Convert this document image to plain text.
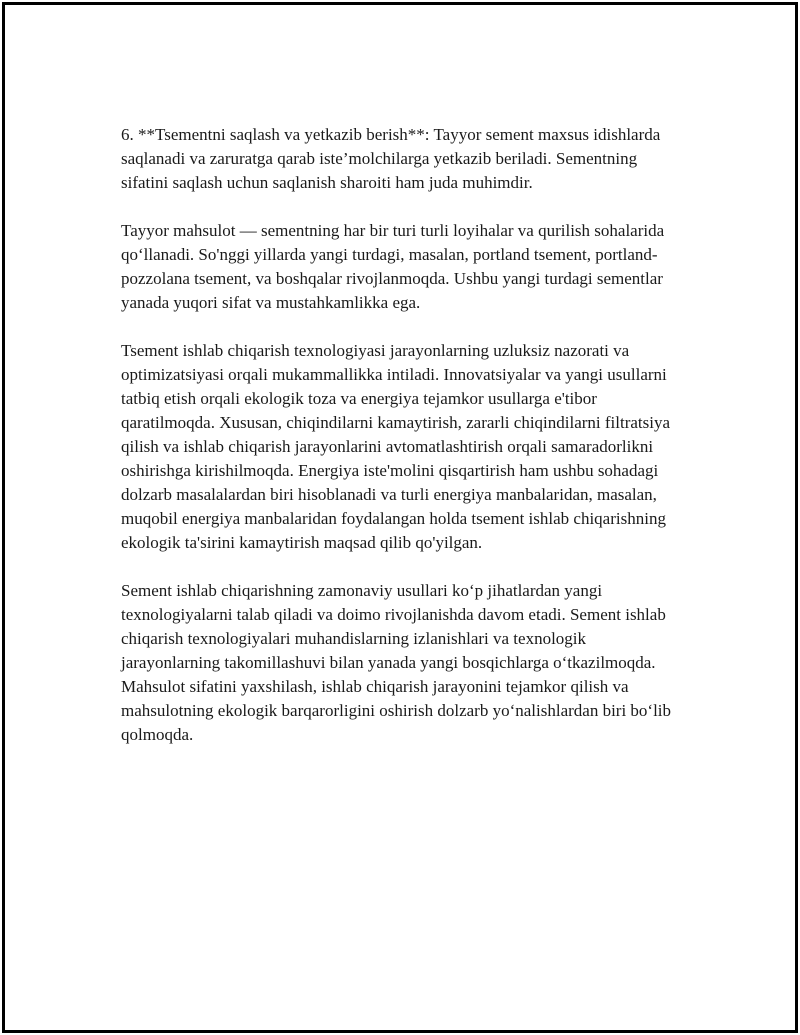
6. **Tsementni saqlash va yetkazib berish**: Tayyor sement maxsus idishlarda saqlanadi va zaruratga qarab iste’molchilarga yetkazib beriladi. Sementning sifatini saqlash uchun saqlanish sharoiti ham juda muhimdir.

Tayyor mahsulot — sementning har bir turi turli loyihalar va qurilish sohalarida qo‘llanadi. So'nggi yillarda yangi turdagi, masalan, portland tsement, portland-pozzolana tsement, va boshqalar rivojlanmoqda. Ushbu yangi turdagi sementlar yanada yuqori sifat va mustahkamlikka ega.

Tsement ishlab chiqarish texnologiyasi jarayonlarning uzluksiz nazorati va optimizatsiyasi orqali mukammallikka intiladi. Innovatsiyalar va yangi usullarni tatbiq etish orqali ekologik toza va energiya tejamkor usullarga e'tibor qaratilmoqda. Xususan, chiqindilarni kamaytirish, zararli chiqindilarni filtratsiya qilish va ishlab chiqarish jarayonlarini avtomatlashtirish orqali samaradorlikni oshirishga kirishilmoqda. Energiya iste'molini qisqartirish ham ushbu sohadagi dolzarb masalalardan biri hisoblanadi va turli energiya manbalaridan, masalan, muqobil energiya manbalaridan foydalangan holda tsement ishlab chiqarishning ekologik ta'sirini kamaytirish maqsad qilib qo'yilgan.

Sement ishlab chiqarishning zamonaviy usullari ko‘p jihatlardan yangi texnologiyalarni talab qiladi va doimo rivojlanishda davom etadi. Sement ishlab chiqarish texnologiyalari muhandislarning izlanishlari va texnologik jarayonlarning takomillashuvi bilan yanada yangi bosqichlarga o‘tkazilmoqda. Mahsulot sifatini yaxshilash, ishlab chiqarish jarayonini tejamkor qilish va mahsulotning ekologik barqarorligini oshirish dolzarb yo‘nalishlardan biri bo‘lib qolmoqda.
